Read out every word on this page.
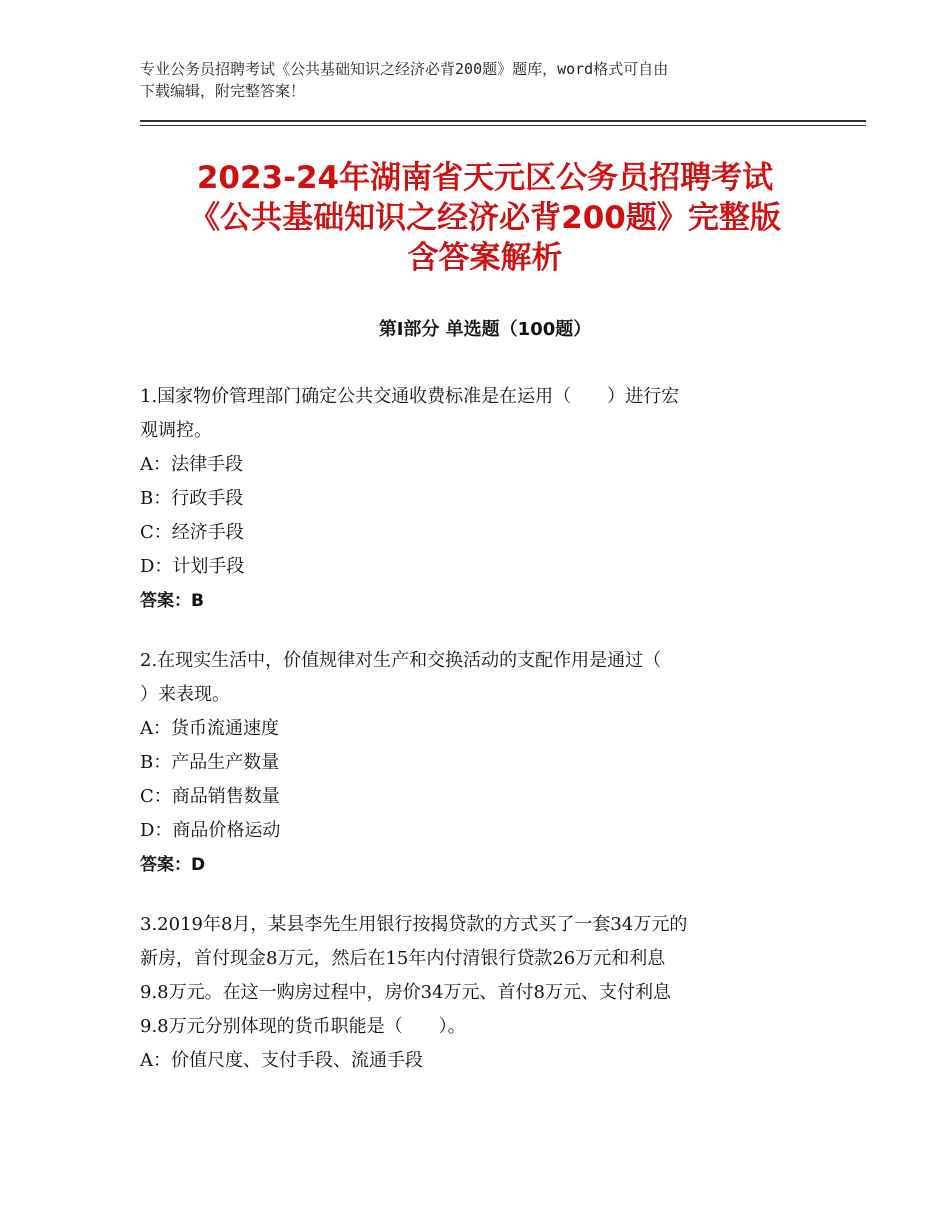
专业公务员招聘考试《公共基础知识之经济必背200题》题库，word格式可自由
下载编辑，附完整答案！
2023-24年湖南省天元区公务员招聘考试
《公共基础知识之经济必背200题》完整版
含答案解析
第Ⅰ部分 单选题（100题）

1.国家物价管理部门确定公共交通收费标准是在运用（　　）进行宏

观调控。

A：法律手段

B：行政手段

C：经济手段

D：计划手段

答案：B

2.在现实生活中，价值规律对生产和交换活动的支配作用是通过（

）来表现。

A：货币流通速度

B：产品生产数量

C：商品销售数量

D：商品价格运动

答案：D

3.2019年8月，某县李先生用银行按揭贷款的方式买了一套34万元的

新房，首付现金8万元，然后在15年内付清银行贷款26万元和利息

9.8万元。在这一购房过程中，房价34万元、首付8万元、支付利息

9.8万元分别体现的货币职能是（　　）。

A：价值尺度、支付手段、流通手段
